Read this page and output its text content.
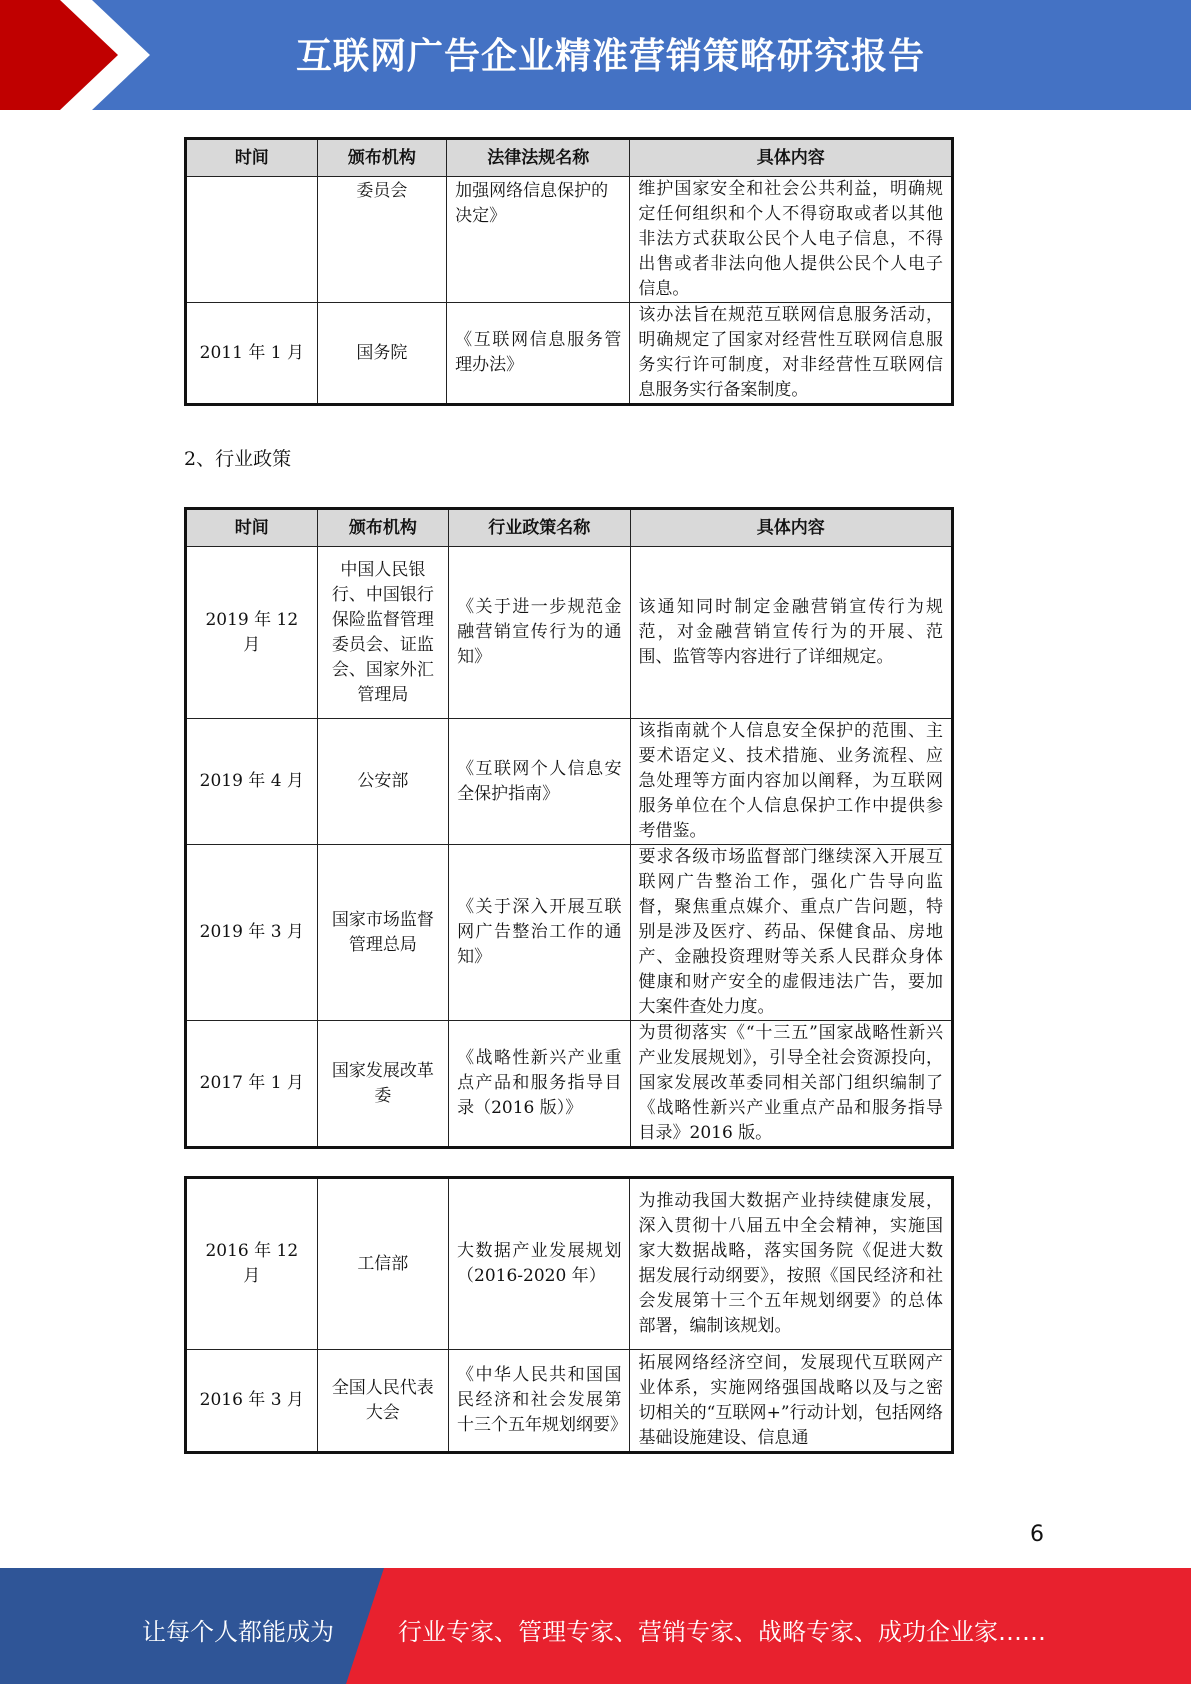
互联网广告企业精准营销策略研究报告
时间	颁布机构	法律法规名称	具体内容
	委员会	加强网络信息保护的决定》	维护国家安全和社会公共利益，明确规定任何组织和个人不得窃取或者以其他非法方式获取公民个人电子信息，不得出售或者非法向他人提供公民个人电子信息。
2011 年 1 月	国务院	《互联网信息服务管理办法》	该办法旨在规范互联网信息服务活动，明确规定了国家对经营性互联网信息服务实行许可制度，对非经营性互联网信息服务实行备案制度。
2、行业政策
时间	颁布机构	行业政策名称	具体内容
2019 年 12 月	中国人民银行、中国银行保险监督管理委员会、证监会、国家外汇管理局	《关于进一步规范金融营销宣传行为的通知》	该通知同时制定金融营销宣传行为规范，对金融营销宣传行为的开展、范围、监管等内容进行了详细规定。
2019 年 4 月	公安部	《互联网个人信息安全保护指南》	该指南就个人信息安全保护的范围、主要术语定义、技术措施、业务流程、应急处理等方面内容加以阐释，为互联网服务单位在个人信息保护工作中提供参考借鉴。
2019 年 3 月	国家市场监督管理总局	《关于深入开展互联网广告整治工作的通知》	要求各级市场监督部门继续深入开展互联网广告整治工作，强化广告导向监督，聚焦重点媒介、重点广告问题，特别是涉及医疗、药品、保健食品、房地产、金融投资理财等关系人民群众身体健康和财产安全的虚假违法广告，要加大案件查处力度。
2017 年 1 月	国家发展改革委	《战略性新兴产业重点产品和服务指导目录（2016 版）》	为贯彻落实《“十三五”国家战略性新兴产业发展规划》，引导全社会资源投向，国家发展改革委同相关部门组织编制了《战略性新兴产业重点产品和服务指导目录》2016 版。
2016 年 12 月	工信部	大数据产业发展规划（2016-2020 年）	为推动我国大数据产业持续健康发展，深入贯彻十八届五中全会精神，实施国家大数据战略，落实国务院《促进大数据发展行动纲要》，按照《国民经济和社会发展第十三个五年规划纲要》的总体部署，编制该规划。
2016 年 3 月	全国人民代表大会	《中华人民共和国国民经济和社会发展第十三个五年规划纲要》	拓展网络经济空间，发展现代互联网产业体系，实施网络强国战略以及与之密切相关的“互联网+”行动计划，包括网络基础设施建设、信息通
6
让每个人都能成为	行业专家、管理专家、营销专家、战略专家、成功企业家……
